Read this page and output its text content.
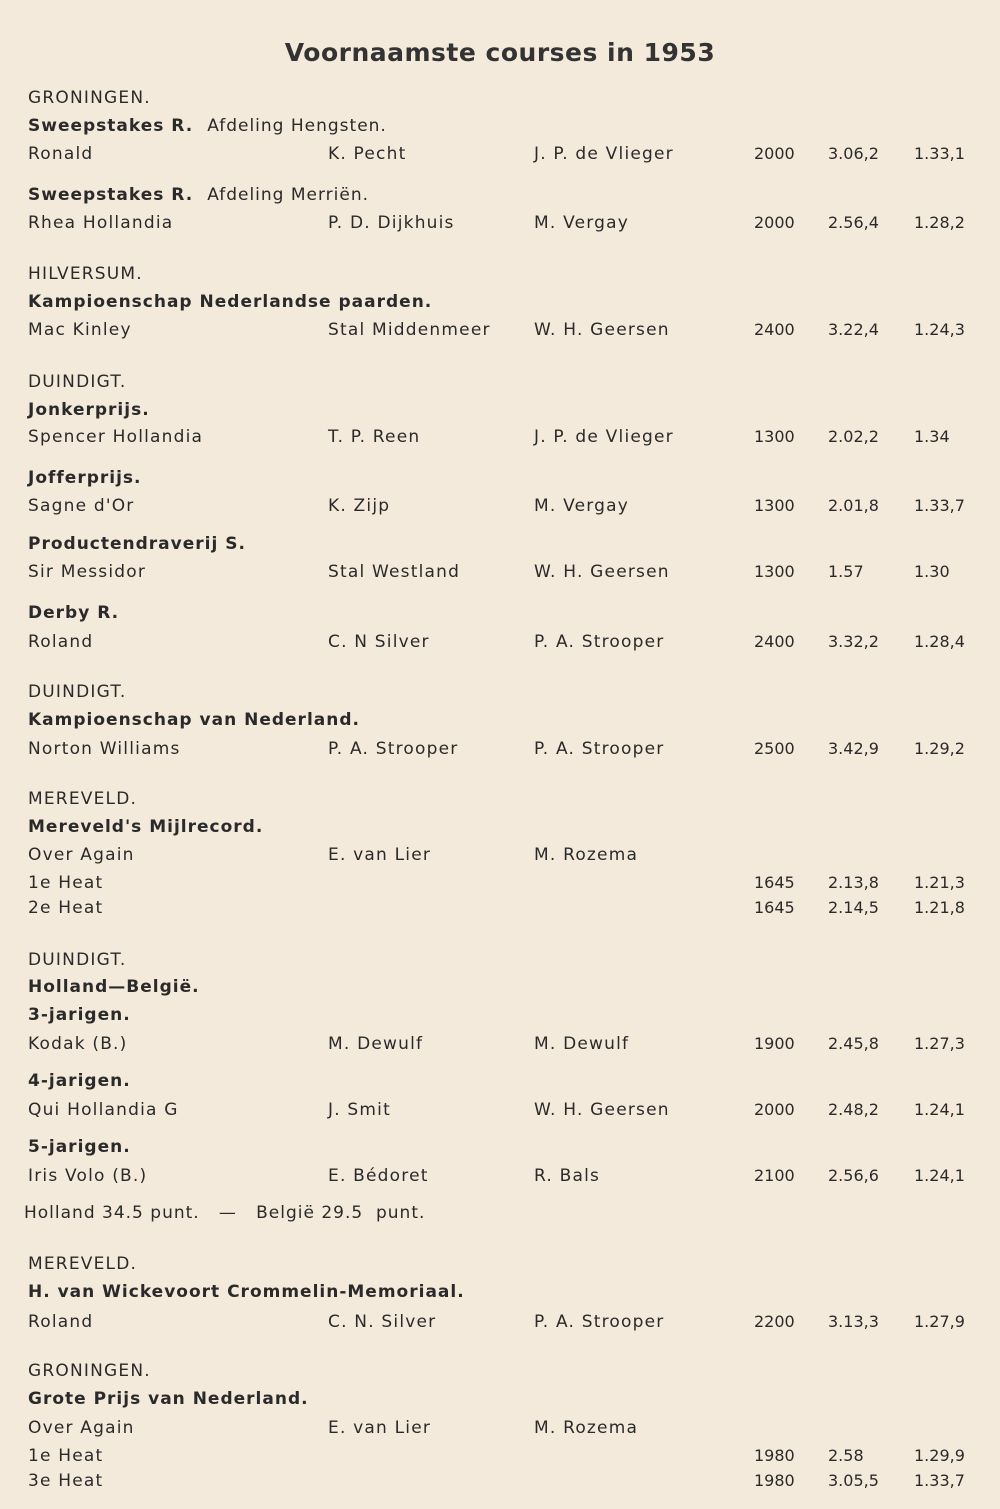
Voornaamste courses in 1953
GRONINGEN.
Sweepstakes R. Afdeling Hengsten.
Ronald	K. Pecht	J. P. de Vlieger	2000 3.06,2 1.33,1
Sweepstakes R. Afdeling Merriën.
Rhea Hollandia	P. D. Dijkhuis	M. Vergay	2000 2.56,4 1.28,2
HILVERSUM.
Kampioenschap Nederlandse paarden.
Mac Kinley	Stal Middenmeer	W. H. Geersen	2400 3.22,4 1.24,3
DUINDIGT.
Jonkerprijs.
Spencer Hollandia	T. P. Reen	J. P. de Vlieger	1300 2.02,2 1.34
Jofferprijs.
Sagne d'Or	K. Zijp	M. Vergay	1300 2.01,8 1.33,7
Productendraverij S.
Sir Messidor	Stal Westland	W. H. Geersen	1300 1.57	1.30
Derby R.
Roland	C. N Silver	P. A. Strooper	2400 3.32,2 1.28,4
DUINDIGT.
Kampioenschap van Nederland.
Norton Williams	P. A. Strooper	P. A. Strooper	2500 3.42,9 1.29,2
MEREVELD.
Mereveld's Mijlrecord.
Over Again	E. van Lier	M. Rozema
1e Heat	1645 2.13,8 1.21,3
2e Heat	1645 2.14,5 1.21,8
DUINDIGT.
Holland—België.
3-jarigen.
Kodak (B.)	M. Dewulf	M. Dewulf	1900 2.45,8 1.27,3
4-jarigen.
Qui Hollandia G	J. Smit	W. H. Geersen	2000 2.48,2 1.24,1
5-jarigen.
Iris Volo (B.)	E. Bédoret	R. Bals	2100 2.56,6 1.24,1
Holland 34.5 punt.   —   België 29.5  punt.
MEREVELD.
H. van Wickevoort Crommelin-Memoriaal.
Roland	C. N. Silver	P. A. Strooper	2200 3.13,3 1.27,9
GRONINGEN.
Grote Prijs van Nederland.
Over Again	E. van Lier	M. Rozema
1e Heat	1980 2.58	1.29,9
3e Heat	1980 3.05,5 1.33,7
